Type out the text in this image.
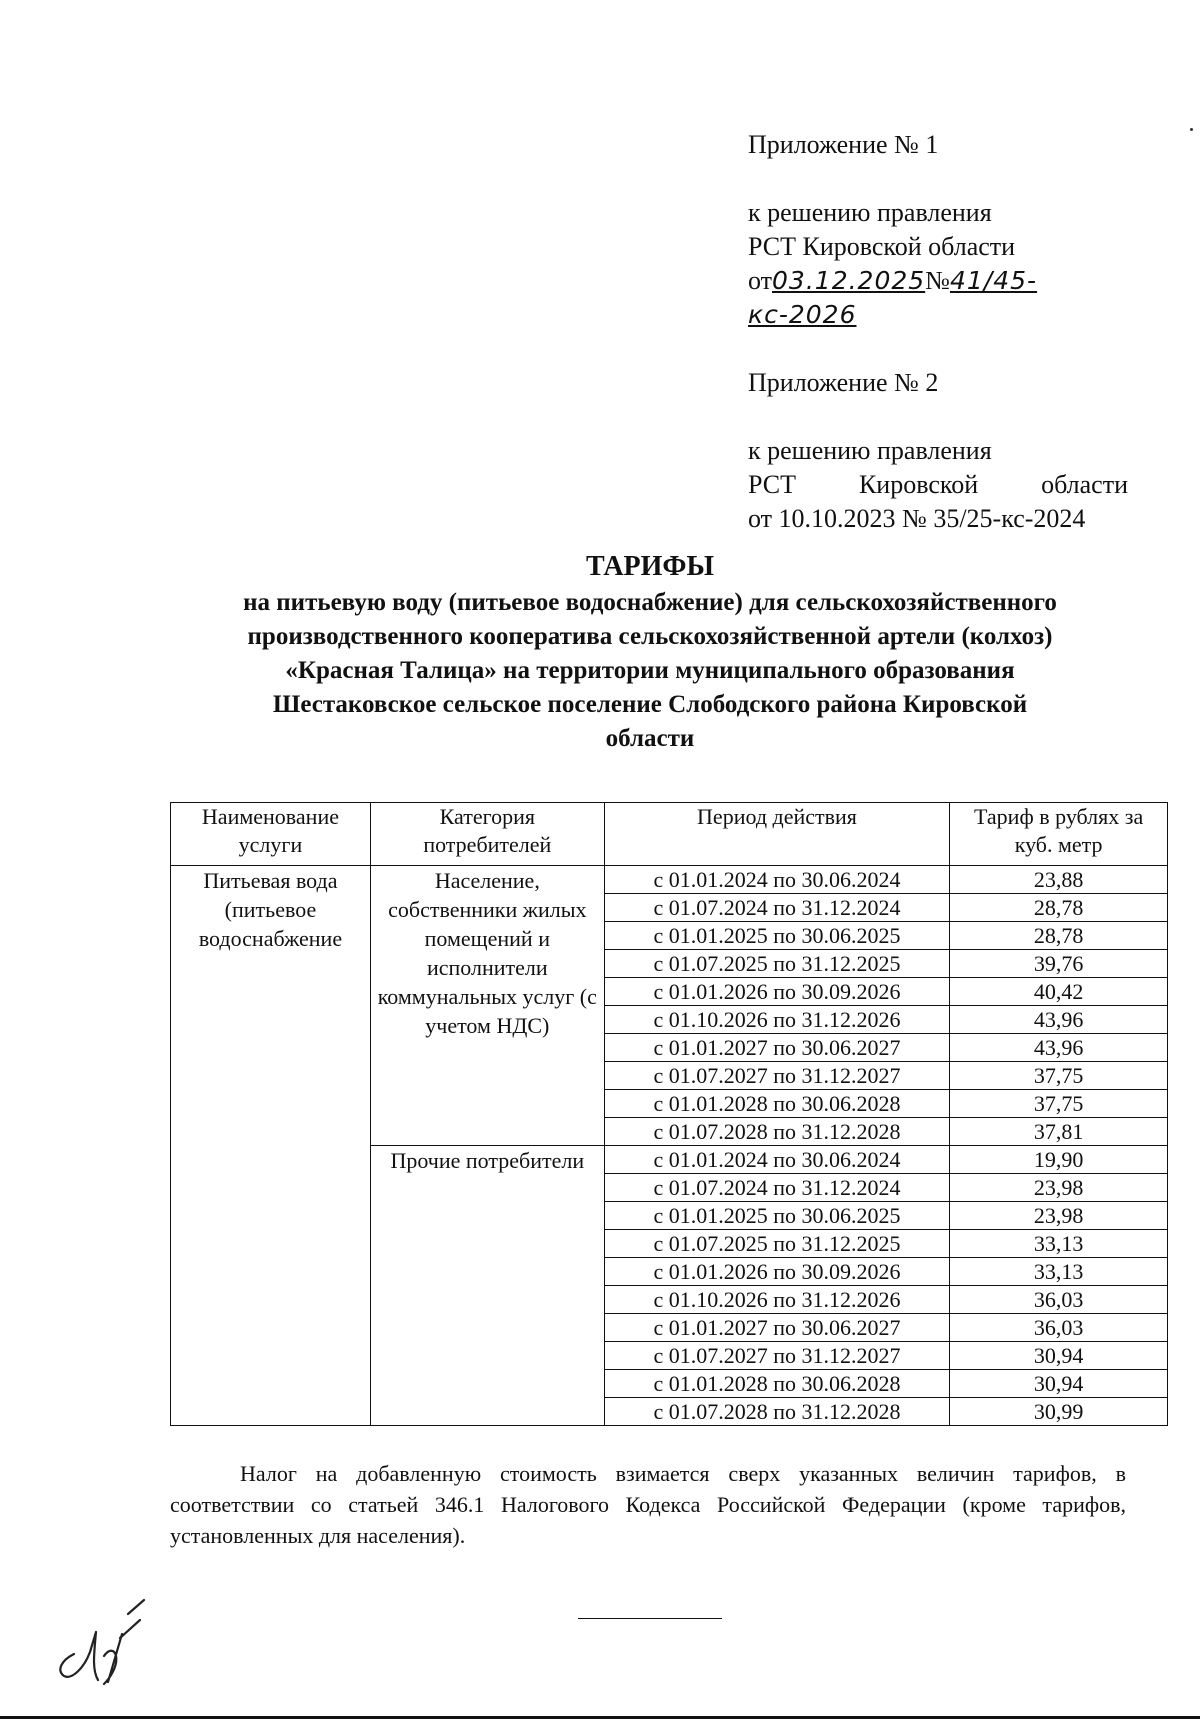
Приложение № 1

к решению правления

РСТ Кировской области

от03.12.2025№41/45-кс-2026

Приложение № 2

к решению правления

РСТ Кировской области

от 10.10.2023 № 35/25-кс-2024

ТАРИФЫ

на питьевую воду (питьевое водоснабжение) для сельскохозяйственного

производственного кооператива сельскохозяйственной артели (колхоз)

«Красная Талица» на территории муниципального образования

Шестаковское сельское поселение Слободского района Кировской

области

Наименование услуги	Категория потребителей	Период действия	Тариф в рублях за куб. метр
Питьевая вода (питьевое водоснабжение	Население, собственники жилых помещений и исполнители коммунальных услуг (с учетом НДС)	с 01.01.2024 по 30.06.2024	23,88
		с 01.07.2024 по 31.12.2024	28,78
		с 01.01.2025 по 30.06.2025	28,78
		с 01.07.2025 по 31.12.2025	39,76
		с 01.01.2026 по 30.09.2026	40,42
		с 01.10.2026 по 31.12.2026	43,96
		с 01.01.2027 по 30.06.2027	43,96
		с 01.07.2027 по 31.12.2027	37,75
		с 01.01.2028 по 30.06.2028	37,75
		с 01.07.2028 по 31.12.2028	37,81
	Прочие потребители	с 01.01.2024 по 30.06.2024	19,90
		с 01.07.2024 по 31.12.2024	23,98
		с 01.01.2025 по 30.06.2025	23,98
		с 01.07.2025 по 31.12.2025	33,13
		с 01.01.2026 по 30.09.2026	33,13
		с 01.10.2026 по 31.12.2026	36,03
		с 01.01.2027 по 30.06.2027	36,03
		с 01.07.2027 по 31.12.2027	30,94
		с 01.01.2028 по 30.06.2028	30,94
		с 01.07.2028 по 31.12.2028	30,99

Налог на добавленную стоимость взимается сверх указанных величин тарифов, в соответствии со статьей 346.1 Налогового Кодекса Российской Федерации (кроме тарифов, установленных для населения).
